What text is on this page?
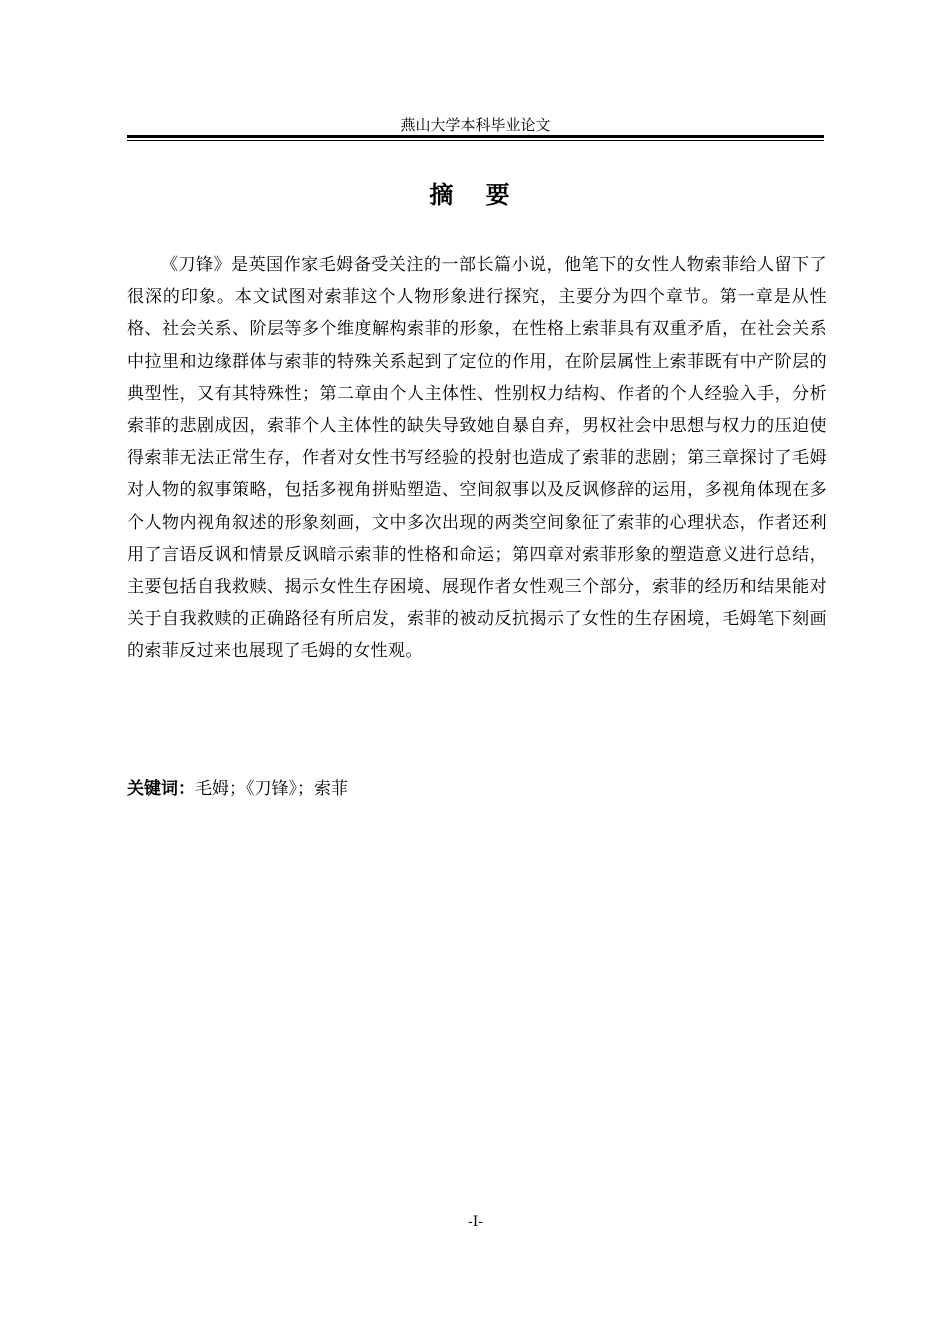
燕山大学本科毕业论文
摘 要

《刀锋》是英国作家毛姆备受关注的一部长篇小说，他笔下的女性人物索菲给人留下了很深的印象。本文试图对索菲这个人物形象进行探究，主要分为四个章节。第一章是从性格、社会关系、阶层等多个维度解构索菲的形象，在性格上索菲具有双重矛盾，在社会关系中拉里和边缘群体与索菲的特殊关系起到了定位的作用，在阶层属性上索菲既有中产阶层的典型性，又有其特殊性；第二章由个人主体性、性别权力结构、作者的个人经验入手，分析索菲的悲剧成因，索菲个人主体性的缺失导致她自暴自弃，男权社会中思想与权力的压迫使得索菲无法正常生存，作者对女性书写经验的投射也造成了索菲的悲剧；第三章探讨了毛姆对人物的叙事策略，包括多视角拼贴塑造、空间叙事以及反讽修辞的运用，多视角体现在多个人物内视角叙述的形象刻画，文中多次出现的两类空间象征了索菲的心理状态，作者还利用了言语反讽和情景反讽暗示索菲的性格和命运；第四章对索菲形象的塑造意义进行总结，主要包括自我救赎、揭示女性生存困境、展现作者女性观三个部分，索菲的经历和结果能对关于自我救赎的正确路径有所启发，索菲的被动反抗揭示了女性的生存困境，毛姆笔下刻画的索菲反过来也展现了毛姆的女性观。

关键词：毛姆；《刀锋》；索菲
-I-
